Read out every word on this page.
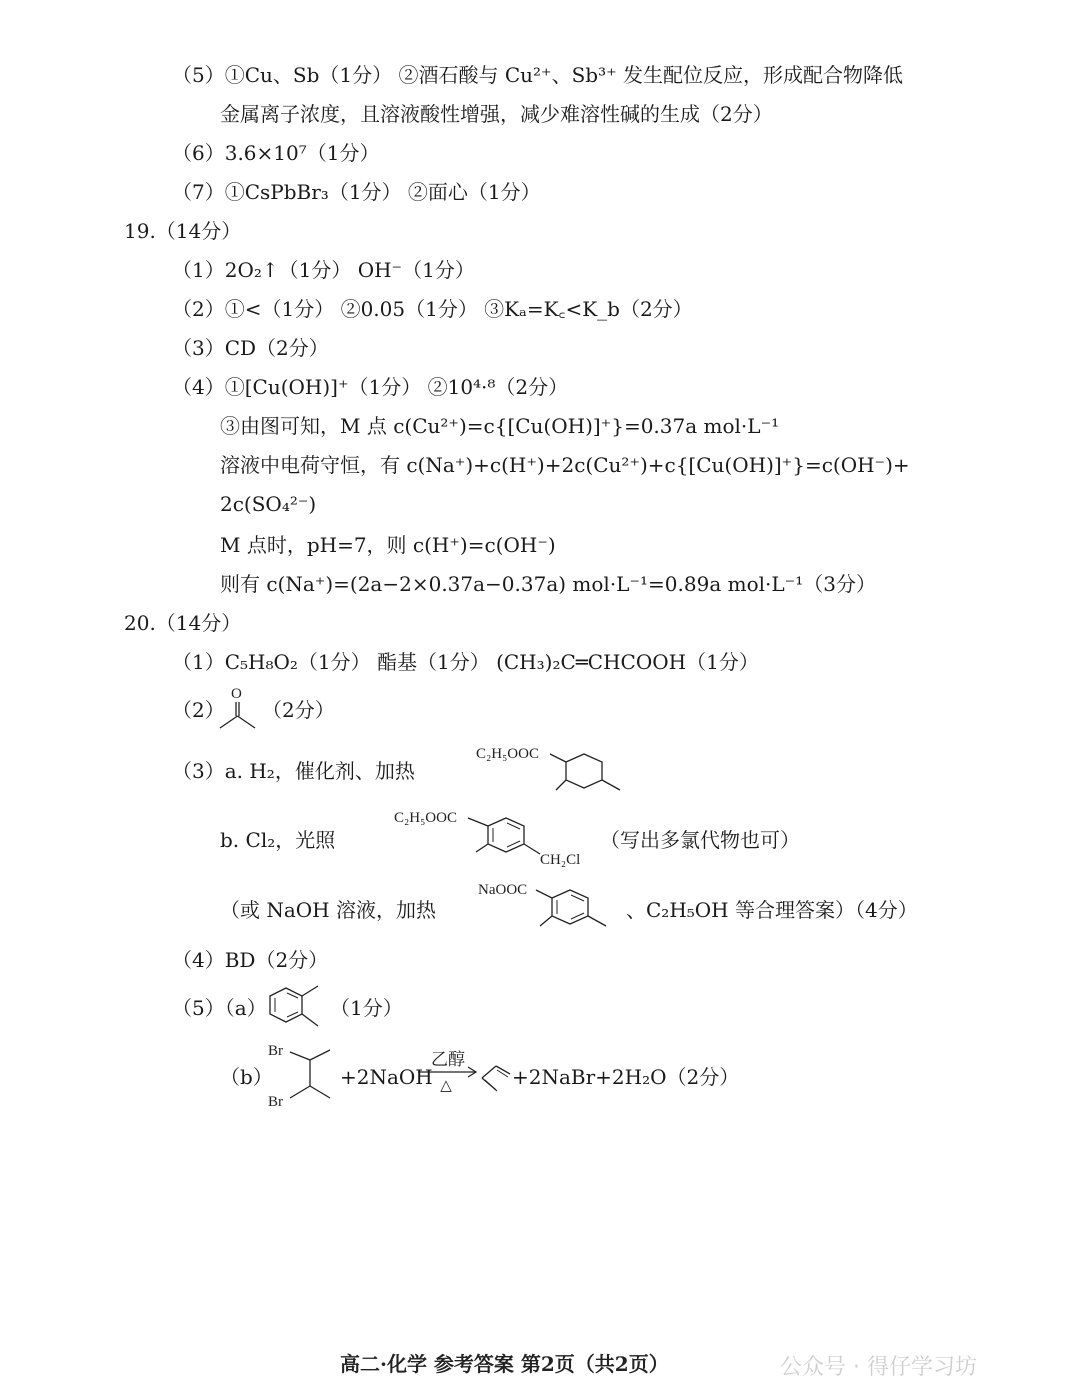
（5）①Cu、Sb（1分） ②酒石酸与 Cu²⁺、Sb³⁺ 发生配位反应，形成配合物降低
金属离子浓度，且溶液酸性增强，减少难溶性碱的生成（2分）
（6）3.6×10⁷（1分）
（7）①CsPbBr₃（1分） ②面心（1分）
19.（14分）
（1）2O₂↑（1分） OH⁻（1分）
（2）①<（1分） ②0.05（1分） ③Kₐ=K꜀<K_b（2分）
（3）CD（2分）
（4）①[Cu(OH)]⁺（1分） ②10⁴·⁸（2分）
③由图可知，M 点 c(Cu²⁺)=c{[Cu(OH)]⁺}=0.37a mol·L⁻¹
溶液中电荷守恒，有 c(Na⁺)+c(H⁺)+2c(Cu²⁺)+c{[Cu(OH)]⁺}=c(OH⁻)+
2c(SO₄²⁻)
M 点时，pH=7，则 c(H⁺)=c(OH⁻)
则有 c(Na⁺)=(2a−2×0.37a−0.37a) mol·L⁻¹=0.89a mol·L⁻¹（3分）
20.（14分）
（1）C₅H₈O₂（1分） 酯基（1分） (CH₃)₂C═CHCOOH（1分）
（2）
O
（2分）
（3）a. H₂，催化剂、加热
C₂H₅OOC
b. Cl₂，光照
C₂H₅OOC
CH₂Cl
（写出多氯代物也可）
（或 NaOH 溶液，加热
NaOOC
、C₂H₅OH 等合理答案）（4分）
（4）BD（2分）
（5）（a）	（1分）
（b）
Br
Br
+2NaOH
乙醇
△	+2NaBr+2H₂O（2分）
高二·化学 参考答案 第2页（共2页）	公众号 · 得仔学习坊
